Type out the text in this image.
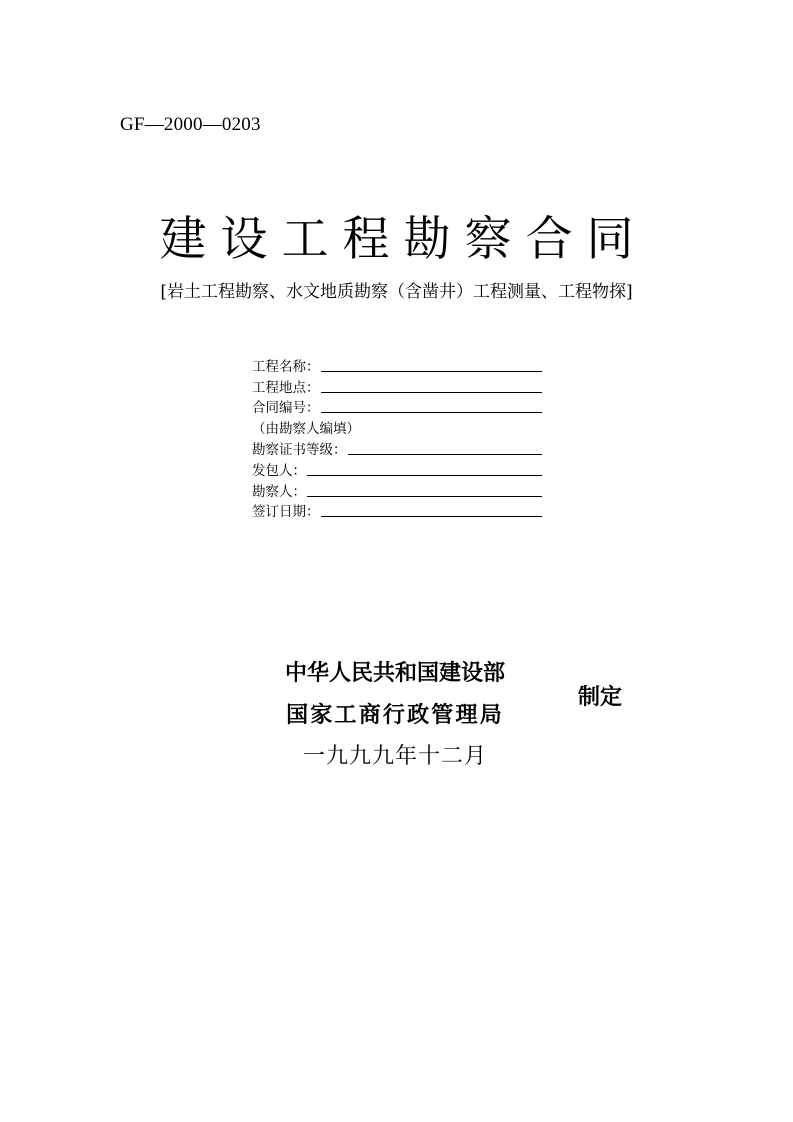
GF—2000—0203
建设工程勘察合同
[岩土工程勘察、水文地质勘察（含凿井）工程测量、工程物探]
工程名称：
工程地点：
合同编号：
（由勘察人编填）
勘察证书等级：
发包人：
勘察人：
签订日期：
中华人民共和国建设部
国家工商行政管理局
一九九九年十二月
制定
